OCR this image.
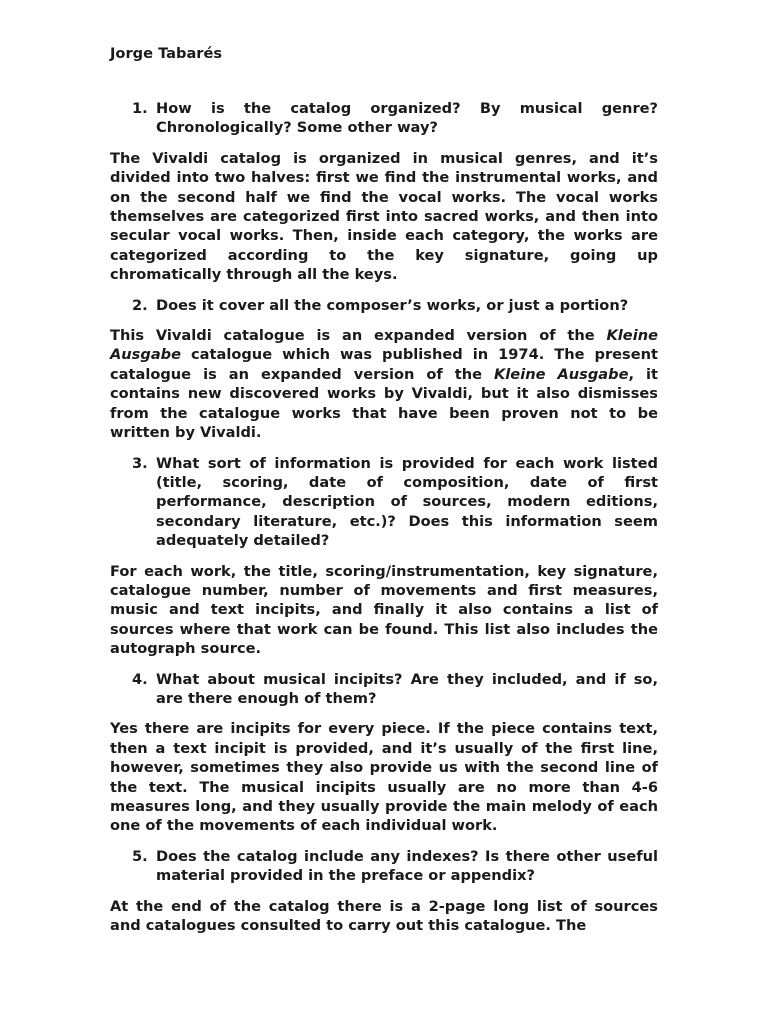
Jorge Tabarés
1. How is the catalog organized? By musical genre? Chronologically? Some other way?

The Vivaldi catalog is organized in musical genres, and it’s divided into two halves: first we find the instrumental works, and on the second half we find the vocal works. The vocal works themselves are categorized first into sacred works, and then into secular vocal works. Then, inside each category, the works are categorized according to the key signature, going up chromatically through all the keys.

2. Does it cover all the composer’s works, or just a portion?

This Vivaldi catalogue is an expanded version of the Kleine Ausgabe catalogue which was published in 1974. The present catalogue is an expanded version of the Kleine Ausgabe, it contains new discovered works by Vivaldi, but it also dismisses from the catalogue works that have been proven not to be written by Vivaldi.

3. What sort of information is provided for each work listed (title, scoring, date of composition, date of first performance, description of sources, modern editions, secondary literature, etc.)? Does this information seem adequately detailed?

For each work, the title, scoring/instrumentation, key signature, catalogue number, number of movements and first measures, music and text incipits, and finally it also contains a list of sources where that work can be found. This list also includes the autograph source.

4. What about musical incipits? Are they included, and if so, are there enough of them?

Yes there are incipits for every piece. If the piece contains text, then a text incipit is provided, and it’s usually of the first line, however, sometimes they also provide us with the second line of the text. The musical incipits usually are no more than 4-6 measures long, and they usually provide the main melody of each one of the movements of each individual work.

5. Does the catalog include any indexes? Is there other useful material provided in the preface or appendix?

At the end of the catalog there is a 2-page long list of sources and catalogues consulted to carry out this catalogue. The
